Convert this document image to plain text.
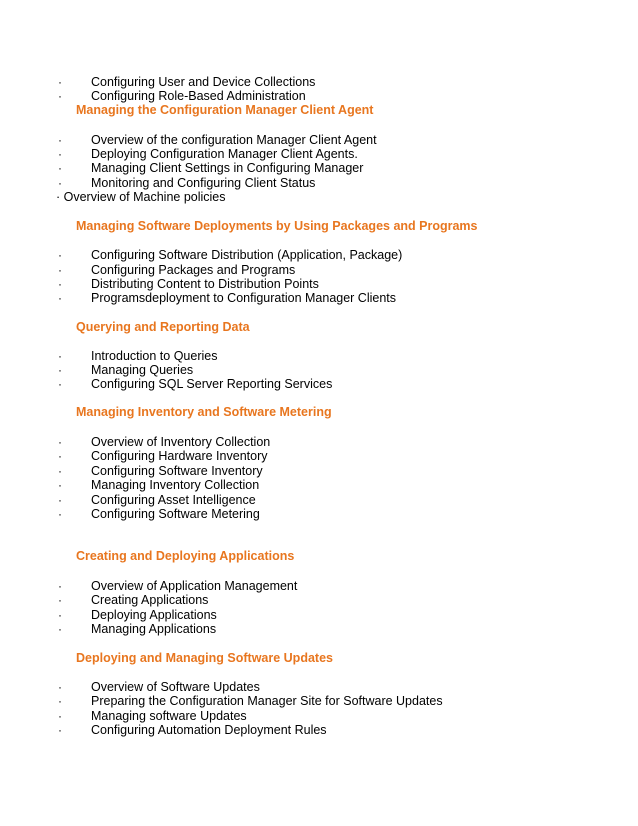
· Configuring User and Device Collections
· Configuring Role-Based Administration
Managing the Configuration Manager Client Agent
· Overview of the configuration Manager Client Agent
· Deploying Configuration Manager Client Agents.
· Managing Client Settings in Configuring Manager
· Monitoring and Configuring Client Status
· Overview of Machine policies
Managing Software Deployments by Using Packages and Programs
· Configuring Software Distribution (Application, Package)
· Configuring Packages and Programs
· Distributing Content to Distribution Points
· Programsdeployment to Configuration Manager Clients
Querying and Reporting Data
· Introduction to Queries
· Managing Queries
· Configuring SQL Server Reporting Services
Managing Inventory and Software Metering
· Overview of Inventory Collection
· Configuring Hardware Inventory
· Configuring Software Inventory
· Managing Inventory Collection
· Configuring Asset Intelligence
· Configuring Software Metering
Creating and Deploying Applications
· Overview of Application Management
· Creating Applications
· Deploying Applications
· Managing Applications
Deploying and Managing Software Updates
· Overview of Software Updates
· Preparing the Configuration Manager Site for Software Updates
· Managing software Updates
· Configuring Automation Deployment Rules
